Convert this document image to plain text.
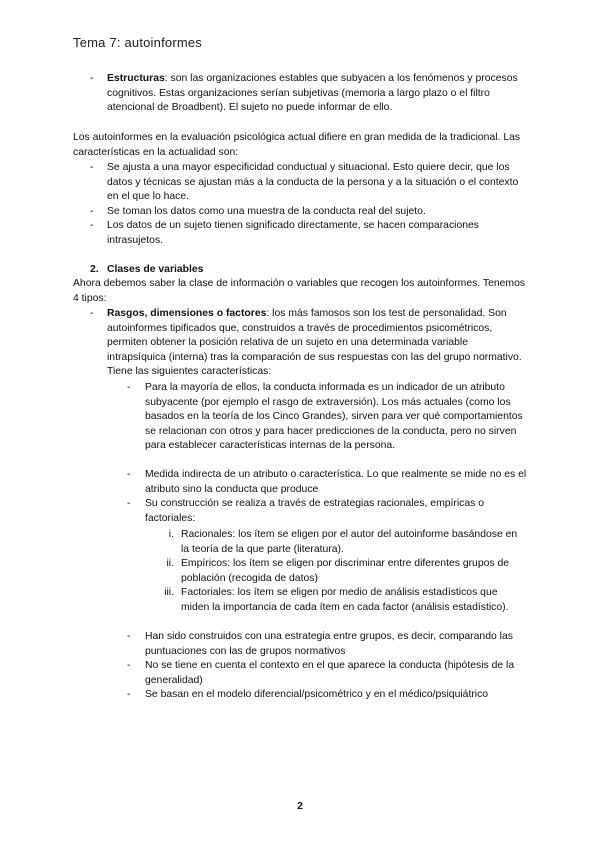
Tema 7: autoinformes
- Estructuras: son las organizaciones estables que subyacen a los fenómenos y procesos cognitivos. Estas organizaciones serían subjetivas (memoria a largo plazo o el filtro atencional de Broadbent). El sujeto no puede informar de ello.
Los autoinformes en la evaluación psicológica actual difiere en gran medida de la tradicional. Las características en la actualidad son:
- Se ajusta a una mayor especificidad conductual y situacional. Esto quiere decir, que los datos y técnicas se ajustan más a la conducta de la persona y a la situación o el contexto en el que lo hace.
- Se toman los datos como una muestra de la conducta real del sujeto.
- Los datos de un sujeto tienen significado directamente, se hacen comparaciones intrasujetos.
2. Clases de variables
Ahora debemos saber la clase de información o variables que recogen los autoinformes. Tenemos 4 tipos:
- Rasgos, dimensiones o factores: los más famosos son los test de personalidad. Son autoinformes tipificados que, construidos a través de procedimientos psicométricos, permiten obtener la posición relativa de un sujeto en una determinada variable intrapsíquica (interna) tras la comparación de sus respuestas con las del grupo normativo. Tiene las siguientes características:
- Para la mayoría de ellos, la conducta informada es un indicador de un atributo subyacente (por ejemplo el rasgo de extraversión). Los más actuales (como los basados en la teoría de los Cinco Grandes), sirven para ver qué comportamientos se relacionan con otros y para hacer predicciones de la conducta, pero no sirven para establecer características internas de la persona.
- Medida indirecta de un atributo o característica. Lo que realmente se mide no es el atributo sino la conducta que produce
- Su construcción se realiza a través de estrategias racionales, empíricas o factoriales:
i. Racionales: los ítem se eligen por el autor del autoinforme basándose en la teoría de la que parte (literatura).
ii. Empíricos: los ítem se eligen por discriminar entre diferentes grupos de población (recogida de datos)
iii. Factoriales: los ítem se eligen por medio de análisis estadísticos que miden la importancia de cada ítem en cada factor (análisis estadístico).
- Han sido construidos con una estrategia entre grupos, es decir, comparando las puntuaciones con las de grupos normativos
- No se tiene en cuenta el contexto en el que aparece la conducta (hipótesis de la generalidad)
- Se basan en el modelo diferencial/psicométrico y en el médico/psiquiátrico
2
